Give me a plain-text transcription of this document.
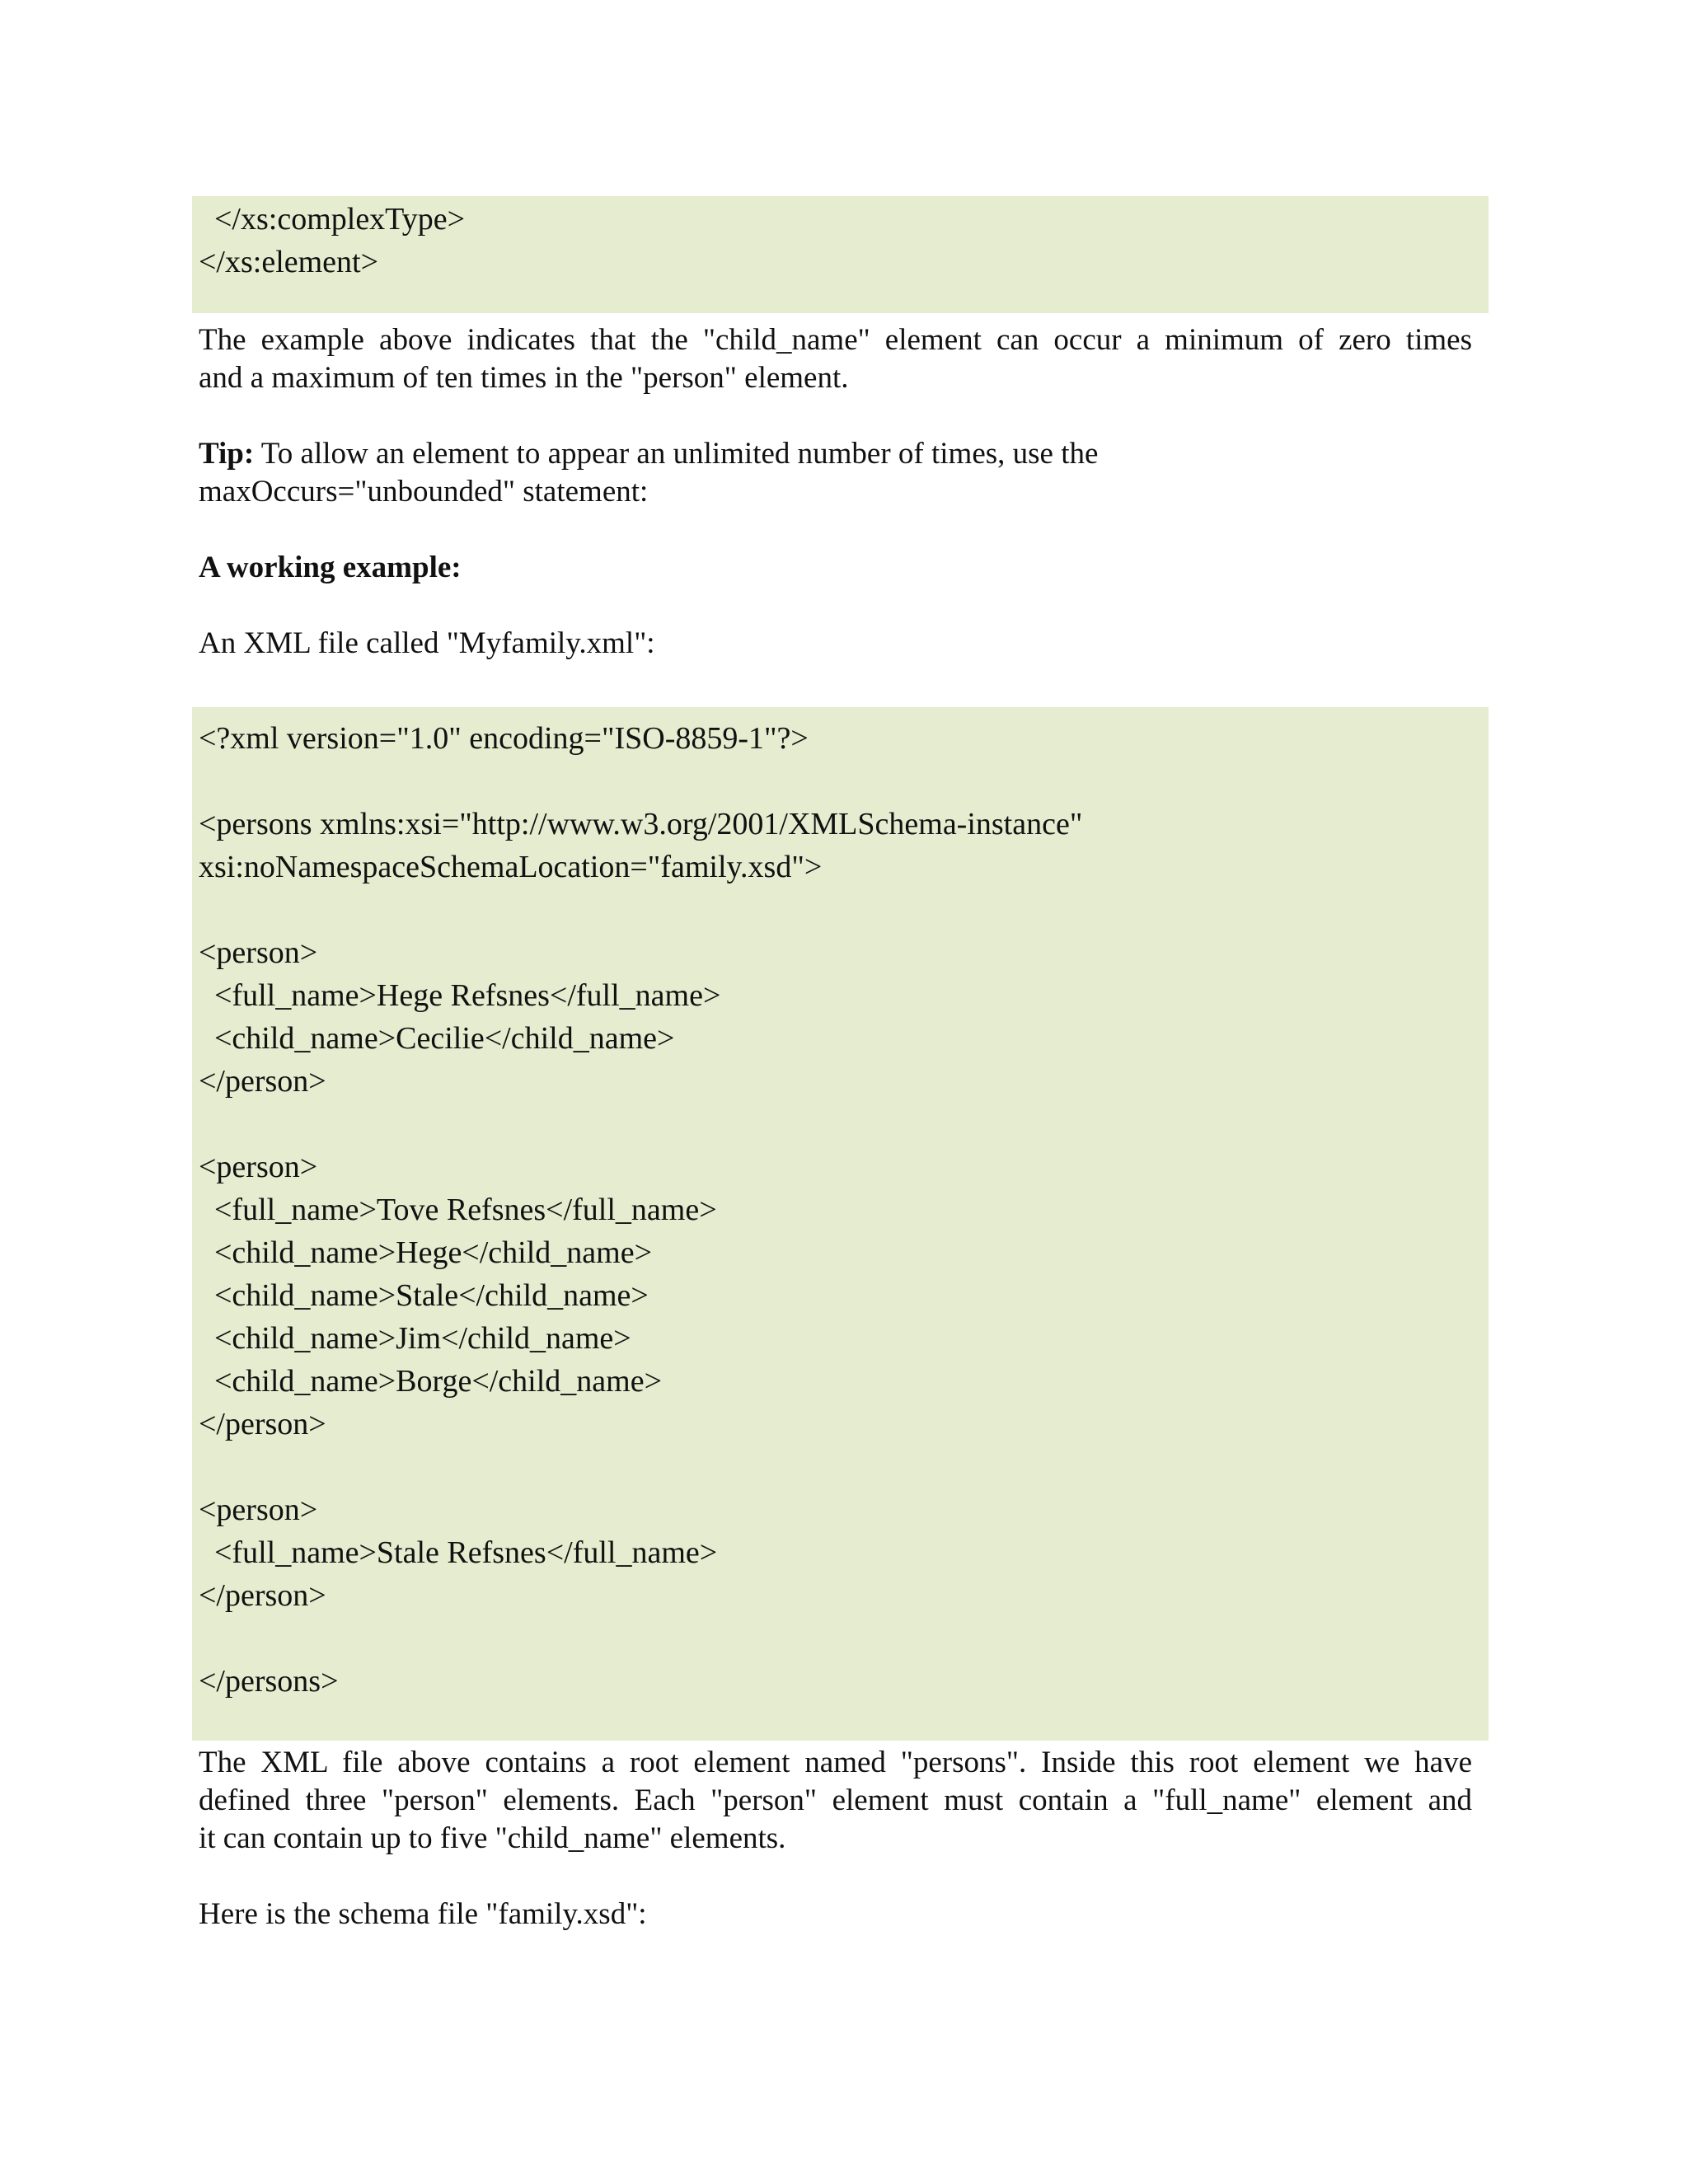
</xs:complexType>
</xs:element>
The example above indicates that the "child_name" element can occur a minimum of zero times
and a maximum of ten times in the "person" element.
Tip: To allow an element to appear an unlimited number of times, use the
maxOccurs="unbounded" statement:
A working example:
An XML file called "Myfamily.xml":
<?xml version="1.0" encoding="ISO-8859-1"?>
<persons xmlns:xsi="http://www.w3.org/2001/XMLSchema-instance"
xsi:noNamespaceSchemaLocation="family.xsd">
<person>
<full_name>Hege Refsnes</full_name>
<child_name>Cecilie</child_name>
</person>
<person>
<full_name>Tove Refsnes</full_name>
<child_name>Hege</child_name>
<child_name>Stale</child_name>
<child_name>Jim</child_name>
<child_name>Borge</child_name>
</person>
<person>
<full_name>Stale Refsnes</full_name>
</person>
</persons>
The XML file above contains a root element named "persons". Inside this root element we have
defined three "person" elements. Each "person" element must contain a "full_name" element and
it can contain up to five "child_name" elements.
Here is the schema file "family.xsd":
